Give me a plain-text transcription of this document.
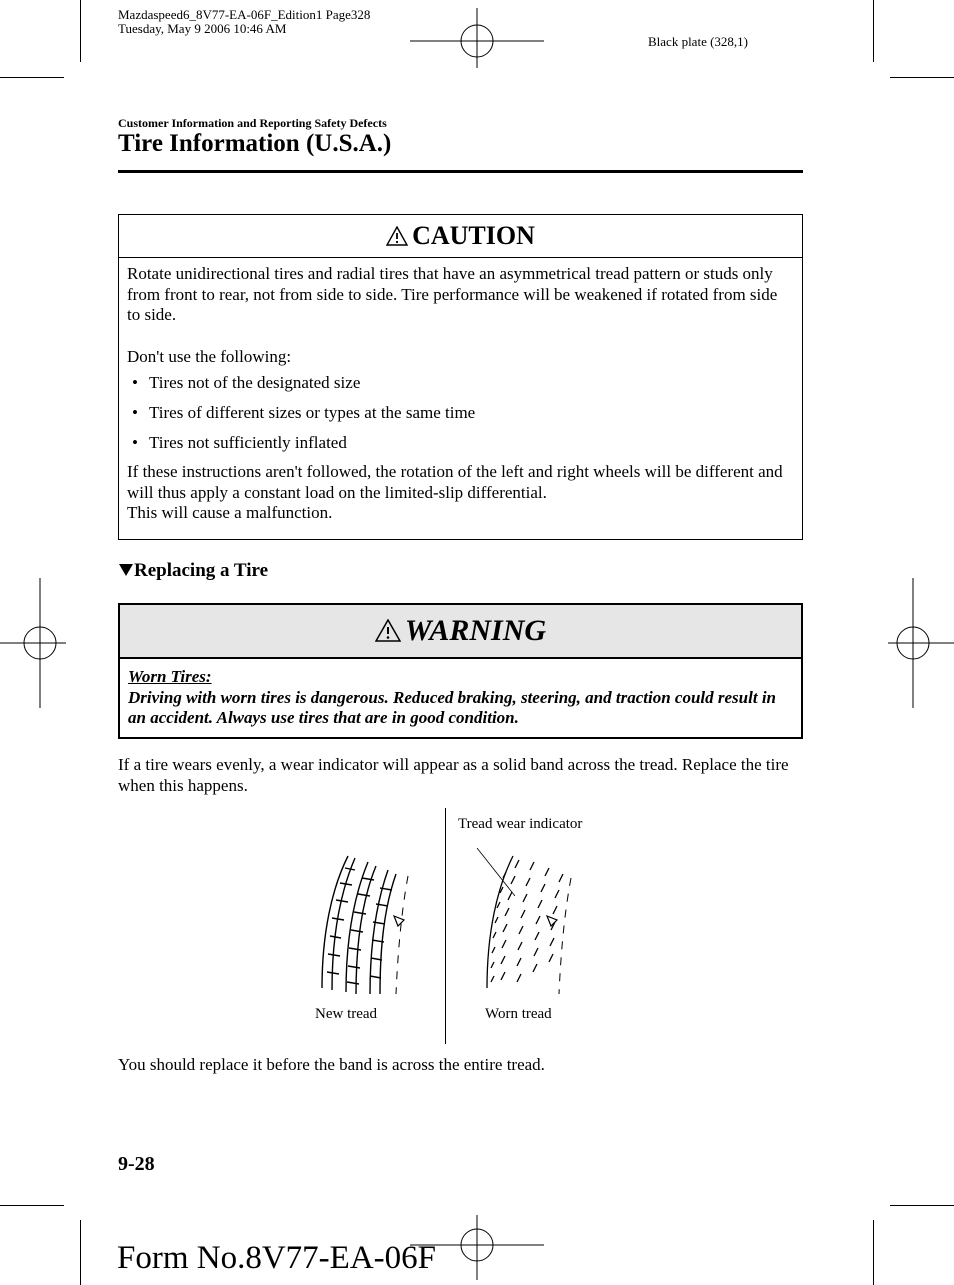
Mazdaspeed6_8V77-EA-06F_Edition1 Page328
Tuesday, May 9 2006 10:46 AM
Black plate (328,1)
Customer Information and Reporting Safety Defects
Tire Information (U.S.A.)
CAUTION

Rotate unidirectional tires and radial tires that have an asymmetrical tread pattern or studs only from front to rear, not from side to side. Tire performance will be weakened if rotated from side to side.

Don't use the following:

• Tires not of the designated size
• Tires of different sizes or types at the same time
• Tires not sufficiently inflated

If these instructions aren't followed, the rotation of the left and right wheels will be different and will thus apply a constant load on the limited-slip differential.

This will cause a malfunction.

Replacing a Tire
WARNING

Worn Tires:

Driving with worn tires is dangerous. Reduced braking, steering, and traction could result in an accident. Always use tires that are in good condition.

If a tire wears evenly, a wear indicator will appear as a solid band across the tread. Replace the tire when this happens.
Tread wear indicator
New tread	Worn tread
You should replace it before the band is across the entire tread.
9-28
Form No.8V77-EA-06F
